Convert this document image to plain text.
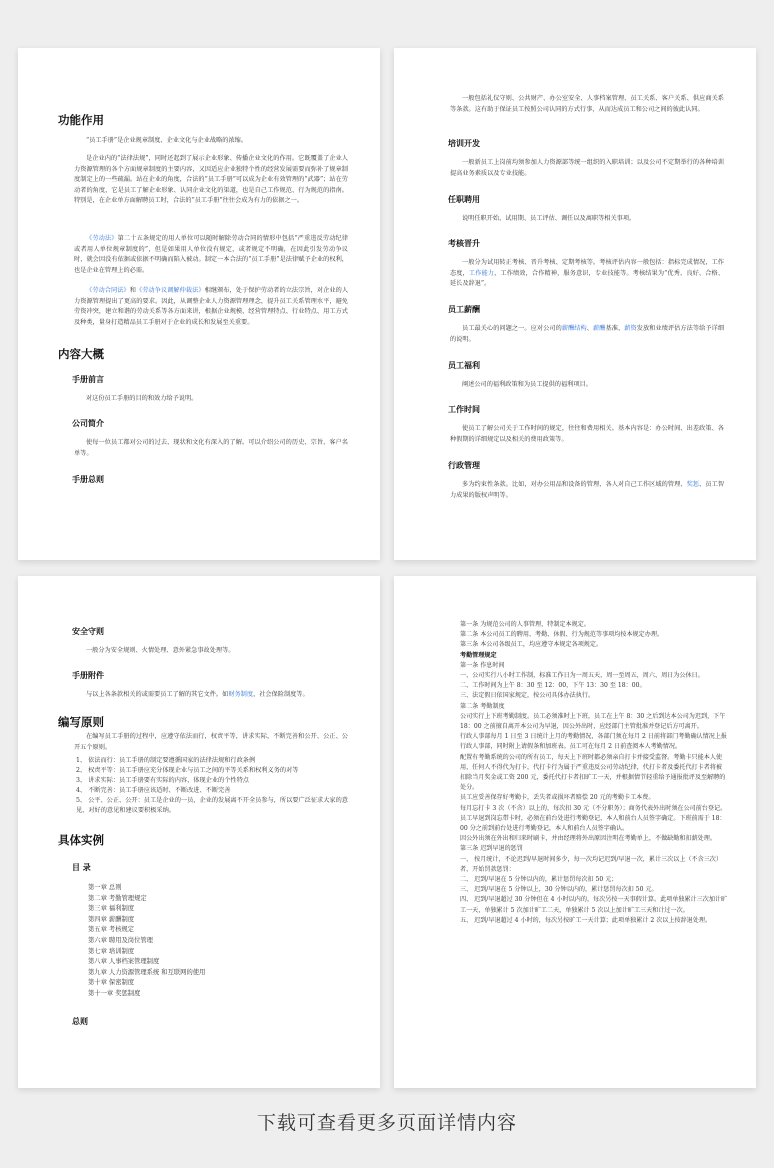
功能作用

“员工手册”是企业规章制度、企业文化与企业战略的浓缩。

是企业内的“法律法规”，同时还起到了展示企业形象、传播企业文化的作用。它既覆盖了企业人力资源管理的各个方面规章制度的主要内容，又因适应企业独特个性的经营发展需要而弥补了规章制度制定上的一些疏漏。站在企业的角度，合法的“员工手册”可以成为企业有效管理的“武器”；站在劳动者的角度，它是员工了解企业形象、认同企业文化的渠道，也是自己工作规范、行为规范的指南。特别是，在企业单方面解聘员工时，合法的“员工手册”往往会成为有力的依据之一。

《劳动法》第二十五条规定的用人单位可以随时解除劳动合同的情形中包括“严重违反劳动纪律或者用人单位规章制度的”，但是如果用人单位没有规定，或者规定不明确，在因此引发劳动争议时，就会因没有依据或依据不明确而陷入被动。制定一本合法的“员工手册”是法律赋予企业的权利，也是企业在管理上的必需。

《劳动合同法》和《劳动争议调解仲裁法》相继颁布，处于保护劳动者的立法宗旨，对企业的人力资源管理提出了更高的要求。因此，从调整企业人力资源管理理念，提升员工关系管理水平，避免劳资冲突，建立和谐的劳动关系等各方面来讲，根据企业规模、经营管理特点、行业特点、用工方式及种类，量身打造精品员工手册对于企业的成长和发展至关重要。

内容大概
手册前言

对这份员工手册的目的和效力给予说明。

公司简介

使每一位员工都对公司的过去、现状和文化有深入的了解。可以介绍公司的历史、宗旨、客户名单等。

手册总则

一般包括礼仪守则、公共财产、办公室安全、人事档案管理、员工关系、客户关系、供应商关系等条款。这有助于保证员工按照公司认同的方式行事，从而达成员工和公司之间的彼此认同。

培训开发

一般新员工上岗前均须参加人力资源部等统一组织的入职培训；以及公司不定期举行的各种培训提高业务素质以及专业技能。

任职聘用

说明任职开始、试用期、员工评估、调任以及离职等相关事项。

考核晋升

一般分为试用转正考核、晋升考核、定期考核等。考核评估内容一般包括：指标完成情况，工作态度，工作能力，工作绩效，合作精神，服务意识，专业技能等。考核结果为“优秀、良好、合格、延长及辞退”。

员工薪酬

员工最关心的问题之一。应对公司的薪酬结构、薪酬基准、薪资发放和业绩评估方法等给予详细的说明。

员工福利

阐述公司的福利政策和为员工提供的福利项目。

工作时间

使员工了解公司关于工作时间的规定，往往和费用相关。基本内容是：办公时间、出差政策、各种假期的详细规定以及相关的费用政策等。

行政管理

多为约束性条款。比如，对办公用品和设备的管理、各人对自己工作区域的管理、奖惩、员工智力成果的版权声明等。

安全守则

一般分为安全规则、火情处理、意外紧急事故处理等。

手册附件

与以上各条款相关的或需要员工了解的其它文件。如财务制度，社会保险制度等。

编写原则

在编写员工手册的过程中，应遵守依法而行，权责平等，讲求实际，不断完善和公开、公正、公开五个原则。

1、 依法而行：员工手册的制定要遵循国家的法律法规和行政条例
2、 权责平等：员工手册应充分体现企业与员工之间的平等关系和权利义务的对等
3、 讲求实际：员工手册要有实际的内容，体现企业的个性特点
4、 不断完善：员工手册应该适时、不断改进、不断完善
5、 公平、公正、公开：员工是企业的一员，企业的发展离不开全员参与，所以要广泛征求大家的意见，对好的意见和建议要积极采纳。
具体实例
目 录
第一章 总则
第二章 考勤管理规定
第三章 福利制度
第四章 薪酬制度
第五章 考核规定
第六章 聘用及岗位管理
第七章 培训制度
第八章 人事档案管理制度
第九章 人力资源管理系统 和互联网的使用
第十章 保密制度
第十一章 奖惩制度
总则
第一条 为规范公司的人事管理，特制定本规定。
第二条 本公司员工的聘用、考勤、休假、行为规范等事项均按本规定办理。
第三条 本公司各级员工，均应遵守本规定各项规定。
考勤管理规定
第一条 作息时间
一、公司实行八小时工作制，标准工作日为一周五天，周一至周五，周六、周日为公休日。
二、工作时间为上午 8：30 至 12：00，下午 13：30 至 18：00。
三、法定假日依国家规定，按公司具体办法执行。
第二条 考勤制度
公司实行上下班考勤制度。员工必须准时上下班，员工在上午 8：30 之后到达本公司为迟到，下午 18：00 之前擅自离开本公司为早退，因公外出时，应经部门主管批准并登记后方可离开。
行政人事部每月 1 日至 3 日统计上月的考勤情况，各部门须在每月 2 日前将部门考勤确认情况上报行政人事部，同时附上请假条和加班表。员工可在每月 2 日前查阅本人考勤情况。
配置有考勤系统的公司的所有员工，每天上下班时都必须亲自打卡并接受监督。考勤卡只能本人使用，任何人不得代为打卡，代打卡行为属于严重违反公司劳动纪律，代打卡者及委托代打卡者将被扣除当月奖金或工资 200 元，委托代打卡者扣旷工一天，并根据情节轻重给予通报批评及至解聘的处分。
员工应妥善保存好考勤卡，丢失者或损坏者赔偿 20 元的考勤卡工本费。
每月忘打卡 3 次（不含）以上的，每次扣 30 元（不分职务）；商务代表外出时须在公司前台登记。
员工早退到岗忘带卡时，必须在前台处进行考勤登记，本人和前台人员签字确定。下班前需于 18：00 分之前到前台处进行考勤登记，本人和前台人员签字确认。
因公外出须在外出和归来时刷卡，并由经理将外出原因注明在考勤单上，不做缺勤和扣薪处理。
第三条 迟到早退的惩罚
一、 按月统计，不论迟到/早退时间多少，每一次均记迟到/早退一次，累计三次以上（不含三次）者，开始罚款惩罚：
二、 迟到/早退在 5 分钟以内的，累计惩罚每次扣 50 元；
三、 迟到/早退在 5 分钟以上，30 分钟以内的，累计惩罚每次扣 50 元。
四、 迟到/早退超过 30 分钟但在 4 小时以内的，每次另按一天事假计算。此项单独累计三次加计旷工一天，单独累计 5 次加计旷工二天，单独累计 5 次以上加计旷工三天和计过一次。
五、 迟到/早退超过 4 小时的，每次另按旷工一天计算；此项单独累计 2 次以上按辞退处理。
下载可查看更多页面详情内容
